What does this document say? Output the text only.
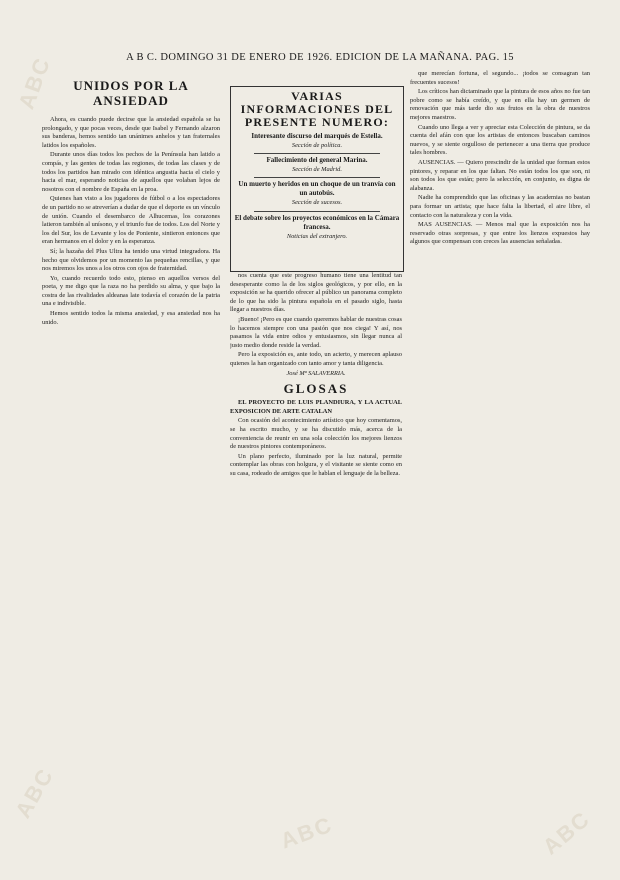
ABC
ABC
ABC	ABC
A B C. DOMINGO 31 DE ENERO DE 1926. EDICION DE LA MAÑANA. PAG. 15
UNIDOS POR LA ANSIEDAD

Ahora, es cuando puede decirse que la ansiedad española se ha prolongado, y que pocas veces, desde que Isabel y Fernando alzaron sus banderas, hemos sentido tan unánimes anhelos y tan fraternales latidos los españoles.

Durante unos días todos los pechos de la Península han latido a compás, y las gentes de todas las regiones, de todas las clases y de todos los partidos han mirado con idéntica angustia hacia el cielo y hacia el mar, esperando noticias de aquellos que volaban lejos de nosotros con el nombre de España en la proa.

Quienes han visto a los jugadores de fútbol o a los espectadores de un partido no se atreverían a dudar de que el deporte es un vínculo de unión. Cuando el desembarco de Alhucemas, los corazones latieron también al unísono, y el triunfo fue de todos. Los del Norte y los del Sur, los de Levante y los de Poniente, sintieron entonces que eran hermanos en el dolor y en la esperanza.

Sí; la hazaña del Plus Ultra ha tenido una virtud integradora. Ha hecho que olvidemos por un momento las pequeñas rencillas, y que nos miremos los unos a los otros con ojos de fraternidad.

Yo, cuando recuerdo todo esto, pienso en aquellos versos del poeta, y me digo que la raza no ha perdido su alma, y que bajo la costra de las rivalidades aldeanas late todavía el corazón de la patria una e indivisible.

Hemos sentido todos la misma ansiedad, y esa ansiedad nos ha unido.

VARIAS INFORMACIONES DEL PRESENTE NUMERO:
Interesante discurso del marqués de Estella.
Sección de política.
Fallecimiento del general Marina.
Sección de Madrid.
Un muerto y heridos en un choque de un tranvía con un autobús.
Sección de sucesos.
El debate sobre los proyectos económicos en la Cámara francesa.
Noticias del extranjero.

nos cuenta que este progreso humano tiene una lentitud tan desesperante como la de los siglos geológicos, y por ello, en la exposición se ha querido ofrecer al público un panorama completo de lo que ha sido la pintura española en el pasado siglo, hasta llegar a nuestros días.

¡Bueno! ¡Pero es que cuando queremos hablar de nuestras cosas lo hacemos siempre con una pasión que nos ciega! Y así, nos pasamos la vida entre odios y entusiasmos, sin llegar nunca al justo medio donde reside la verdad.

Pero la exposición es, ante todo, un acierto, y merecen aplauso quienes la han organizado con tanto amor y tanta diligencia.

José Mª SALAVERRIA.

GLOSAS

EL PROYECTO DE LUIS PLANDIURA, Y LA ACTUAL EXPOSICION DE ARTE CATALAN

Con ocasión del acontecimiento artístico que hoy comentamos, se ha escrito mucho, y se ha discutido más, acerca de la conveniencia de reunir en una sola colección los mejores lienzos de nuestros pintores contemporáneos.

Un plano perfecto, iluminado por la luz natural, permite contemplar las obras con holgura, y el visitante se siente como en su casa, rodeado de amigos que le hablan el lenguaje de la belleza.

que merecían fortuna, el segundo... ¡todos se consagran tan frecuentes sucesos!

Los críticos han dictaminado que la pintura de esos años no fue tan pobre como se había creído, y que en ella hay un germen de renovación que más tarde dio sus frutos en la obra de nuestros mejores maestros.

Cuando uno llega a ver y apreciar esta Colección de pintura, se da cuenta del afán con que los artistas de entonces buscaban caminos nuevos, y se siente orgulloso de pertenecer a una tierra que produce tales hombres.

AUSENCIAS. — Quiero prescindir de la unidad que forman estos pintores, y reparar en los que faltan. No están todos los que son, ni son todos los que están; pero la selección, en conjunto, es digna de alabanza.

Nadie ha comprendido que las oficinas y las academias no bastan para formar un artista; que hace falta la libertad, el aire libre, el contacto con la naturaleza y con la vida.

MAS AUSENCIAS. — Menos mal que la exposición nos ha reservado otras sorpresas, y que entre los lienzos expuestos hay algunos que compensan con creces las ausencias señaladas.
